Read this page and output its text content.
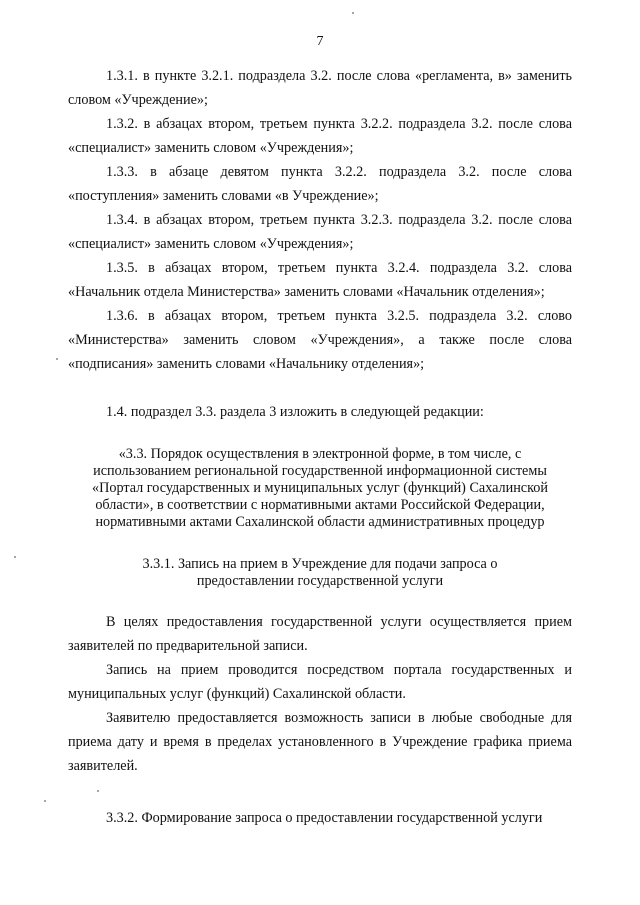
7

1.3.1. в пункте 3.2.1. подраздела 3.2. после слова «регламента, в» заменить словом «Учреждение»;

1.3.2. в абзацах втором, третьем пункта 3.2.2. подраздела 3.2. после слова «специалист» заменить словом «Учреждения»;

1.3.3. в абзаце девятом пункта 3.2.2. подраздела 3.2. после слова «поступления» заменить словами «в Учреждение»;

1.3.4. в абзацах втором, третьем пункта 3.2.3. подраздела 3.2. после слова «специалист» заменить словом «Учреждения»;

1.3.5. в абзацах втором, третьем пункта 3.2.4. подраздела 3.2. слова «Начальник отдела Министерства» заменить словами «Начальник отделения»;

1.3.6. в абзацах втором, третьем пункта 3.2.5. подраздела 3.2. слово «Министерства» заменить словом «Учреждения», а также после слова «подписания» заменить словами «Начальнику отделения»;

1.4. подраздел 3.3. раздела 3 изложить в следующей редакции:

«3.3. Порядок осуществления в электронной форме, в том числе, с
использованием региональной государственной информационной системы
«Портал государственных и муниципальных услуг (функций) Сахалинской
области», в соответствии с нормативными актами Российской Федерации,
нормативными актами Сахалинской области административных процедур
3.3.1. Запись на прием в Учреждение для подачи запроса о
предоставлении государственной услуги

В целях предоставления государственной услуги осуществляется прием заявителей по предварительной записи.

Запись на прием проводится посредством портала государственных и муниципальных услуг (функций) Сахалинской области.

Заявителю предоставляется возможность записи в любые свободные для приема дату и время в пределах установленного в Учреждение графика приема заявителей.

3.3.2. Формирование запроса о предоставлении государственной услуги
